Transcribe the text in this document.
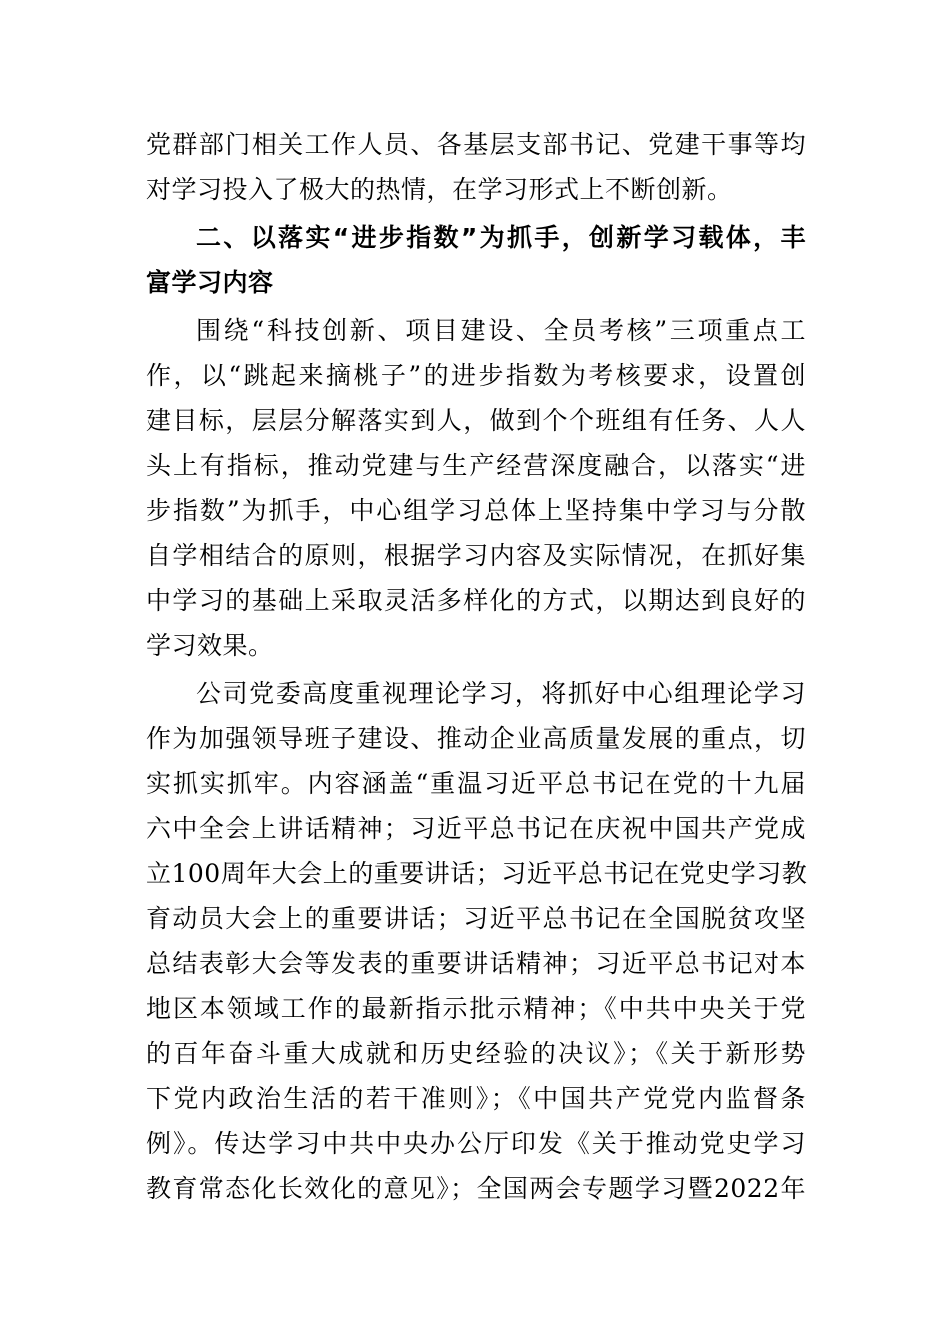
党群部门相关工作人员、各基层支部书记、党建干事等均
对学习投入了极大的热情，在学习形式上不断创新。
二、以落实“进步指数”为抓手，创新学习载体，丰
富学习内容
围绕“科技创新、项目建设、全员考核”三项重点工
作，以“跳起来摘桃子”的进步指数为考核要求，设置创
建目标，层层分解落实到人，做到个个班组有任务、人人
头上有指标，推动党建与生产经营深度融合，以落实“进
步指数”为抓手，中心组学习总体上坚持集中学习与分散
自学相结合的原则，根据学习内容及实际情况，在抓好集
中学习的基础上采取灵活多样化的方式，以期达到良好的
学习效果。
公司党委高度重视理论学习，将抓好中心组理论学习
作为加强领导班子建设、推动企业高质量发展的重点，切
实抓实抓牢。内容涵盖“重温习近平总书记在党的十九届
六中全会上讲话精神；习近平总书记在庆祝中国共产党成
立100周年大会上的重要讲话；习近平总书记在党史学习教
育动员大会上的重要讲话；习近平总书记在全国脱贫攻坚
总结表彰大会等发表的重要讲话精神；习近平总书记对本
地区本领域工作的最新指示批示精神；《中共中央关于党
的百年奋斗重大成就和历史经验的决议》；《关于新形势
下党内政治生活的若干准则》；《中国共产党党内监督条
例》。传达学习中共中央办公厅印发《关于推动党史学习
教育常态化长效化的意见》；全国两会专题学习暨2022年
